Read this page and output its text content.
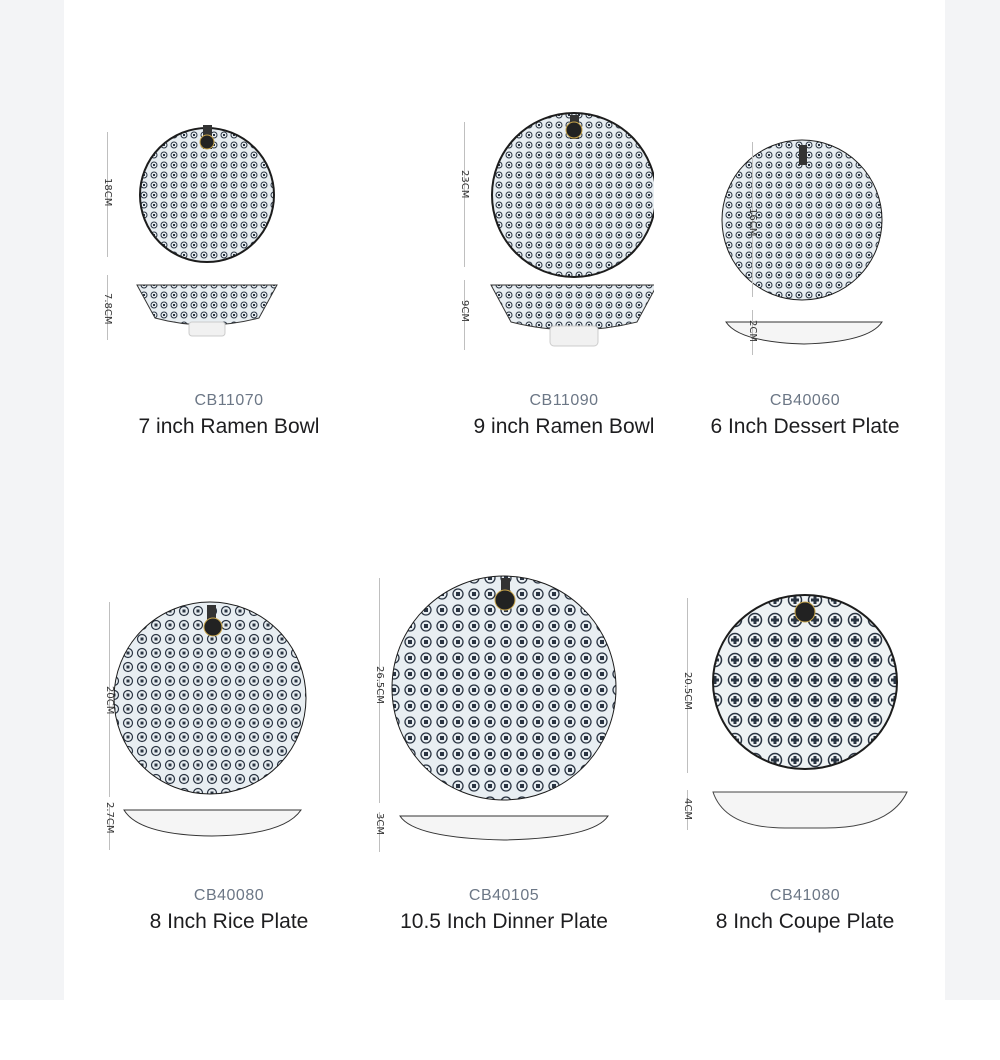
18CM
7.8CM
CB11070
7 inch Ramen Bowl
23CM
9CM
CB11090
9 inch Ramen Bowl
16CM
2CM
CB40060
6 Inch Dessert Plate
20CM
2.7CM
CB40080
8 Inch Rice Plate
26.5CM
3CM
CB40105
10.5 Inch Dinner Plate
20.5CM
4CM
CB41080
8 Inch Coupe Plate
